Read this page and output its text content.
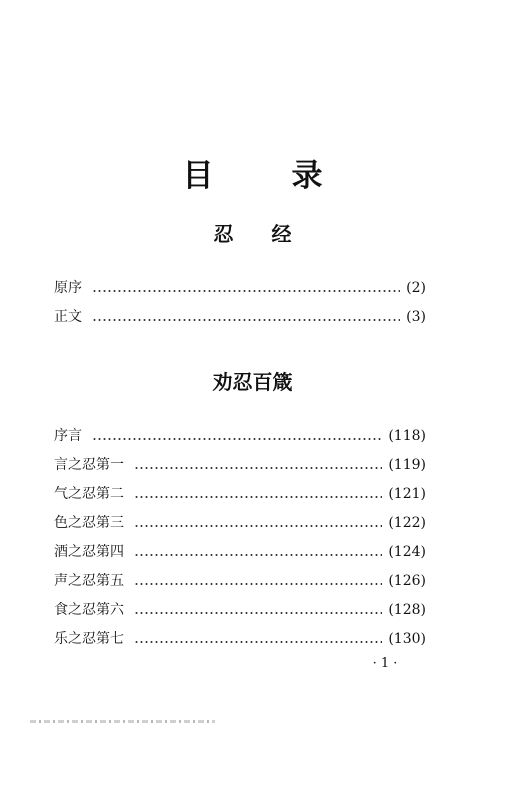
目	录
忍 经
原序	(2)
正文	(3)
劝忍百箴
序言	(118)
言之忍第一	(119)
气之忍第二	(121)
色之忍第三	(122)
酒之忍第四	(124)
声之忍第五	(126)
食之忍第六	(128)
乐之忍第七	(130)
· 1 ·
